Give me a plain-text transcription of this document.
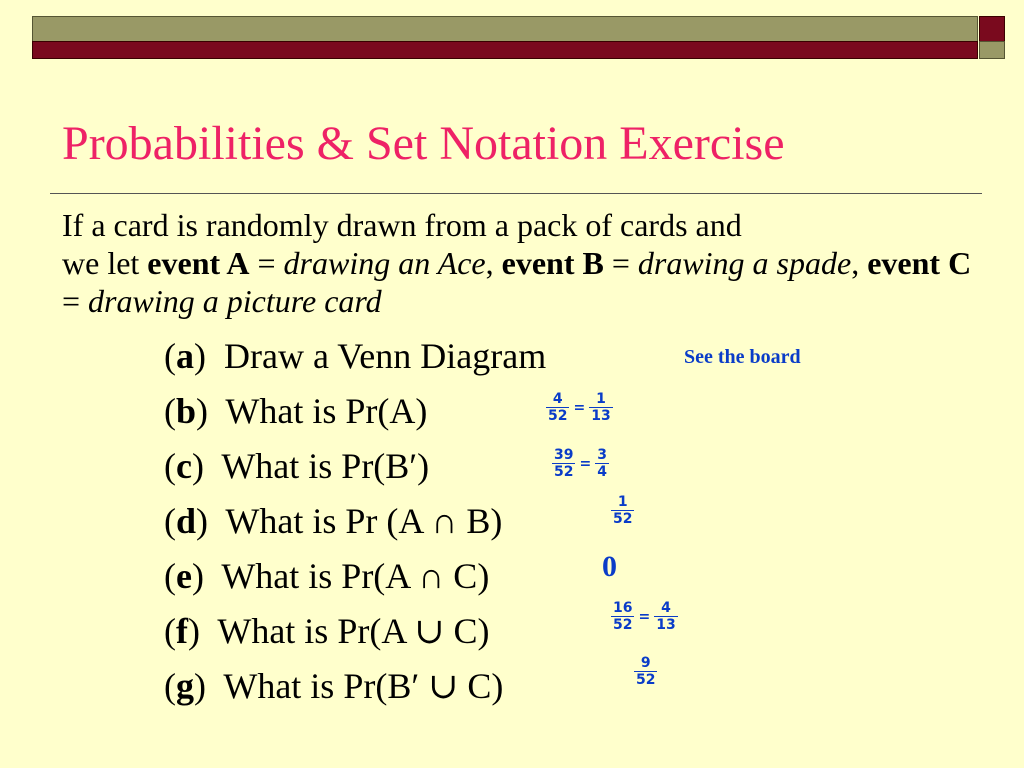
Probabilities & Set Notation Exercise
If a card is randomly drawn from a pack of cards and
we let event A = drawing an Ace, event B = drawing a spade, event C = drawing a picture card
(a)  Draw a Venn Diagram
(b)  What is Pr(A)
(c)  What is Pr(B′)
(d)  What is Pr (A ∩ B)
(e)  What is Pr(A ∩ C)
(f)  What is Pr(A ∪ C)
(g)  What is Pr(B′ ∪ C)
See the board
$\frac{4}{52} = \frac{1}{13}$
$\frac{39}{52} = \frac{3}{4}$
$\frac{1}{52}$
0
$\frac{16}{52} = \frac{4}{13}$
$\frac{9}{52}$
